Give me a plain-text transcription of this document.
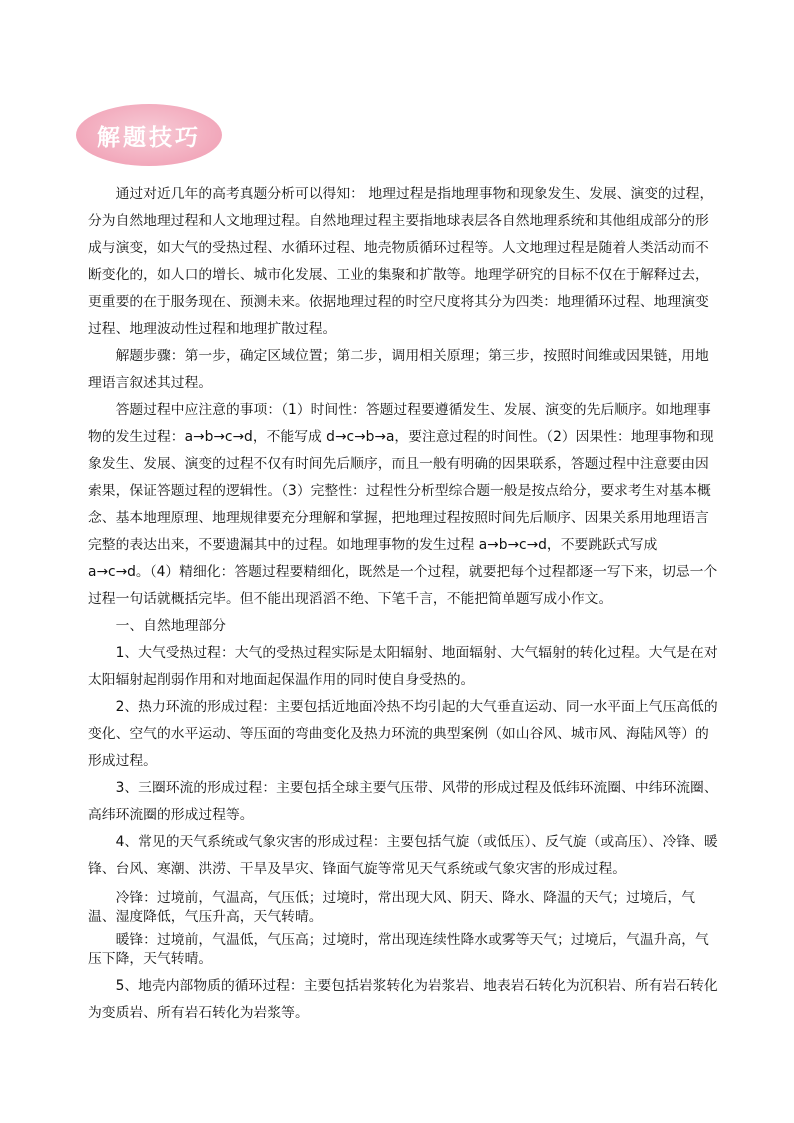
解题技巧

通过对近几年的高考真题分析可以得知： 地理过程是指地理事物和现象发生、发展、演变的过程，分为自然地理过程和人文地理过程。自然地理过程主要指地球表层各自然地理系统和其他组成部分的形成与演变，如大气的受热过程、水循环过程、地壳物质循环过程等。人文地理过程是随着人类活动而不断变化的，如人口的增长、城市化发展、工业的集聚和扩散等。地理学研究的目标不仅在于解释过去，更重要的在于服务现在、预测未来。依据地理过程的时空尺度将其分为四类：地理循环过程、地理演变过程、地理波动性过程和地理扩散过程。

解题步骤：第一步，确定区域位置；第二步，调用相关原理；第三步，按照时间维或因果链，用地理语言叙述其过程。

答题过程中应注意的事项：（1）时间性：答题过程要遵循发生、发展、演变的先后顺序。如地理事物的发生过程：a→b→c→d，不能写成 d→c→b→a，要注意过程的时间性。（2）因果性：地理事物和现象发生、发展、演变的过程不仅有时间先后顺序，而且一般有明确的因果联系，答题过程中注意要由因索果，保证答题过程的逻辑性。（3）完整性：过程性分析型综合题一般是按点给分，要求考生对基本概念、基本地理原理、地理规律要充分理解和掌握，把地理过程按照时间先后顺序、因果关系用地理语言完整的表达出来，不要遗漏其中的过程。如地理事物的发生过程 a→b→c→d，不要跳跃式写成 a→c→d。（4）精细化：答题过程要精细化，既然是一个过程，就要把每个过程都逐一写下来，切忌一个过程一句话就概括完毕。但不能出现滔滔不绝、下笔千言，不能把简单题写成小作文。

一、自然地理部分

1、大气受热过程：大气的受热过程实际是太阳辐射、地面辐射、大气辐射的转化过程。大气是在对太阳辐射起削弱作用和对地面起保温作用的同时使自身受热的。

2、热力环流的形成过程：主要包括近地面冷热不均引起的大气垂直运动、同一水平面上气压高低的变化、空气的水平运动、等压面的弯曲变化及热力环流的典型案例（如山谷风、城市风、海陆风等）的形成过程。

3、三圈环流的形成过程：主要包括全球主要气压带、风带的形成过程及低纬环流圈、中纬环流圈、高纬环流圈的形成过程等。

4、常见的天气系统或气象灾害的形成过程：主要包括气旋（或低压）、反气旋（或高压）、冷锋、暖锋、台风、寒潮、洪涝、干旱及旱灾、锋面气旋等常见天气系统或气象灾害的形成过程。

冷锋：过境前，气温高，气压低；过境时，常出现大风、阴天、降水、降温的天气；过境后，气温、湿度降低，气压升高，天气转晴。

暖锋：过境前，气温低，气压高；过境时，常出现连续性降水或雾等天气；过境后，气温升高，气压下降，天气转晴。

5、地壳内部物质的循环过程：主要包括岩浆转化为岩浆岩、地表岩石转化为沉积岩、所有岩石转化为变质岩、所有岩石转化为岩浆等。
